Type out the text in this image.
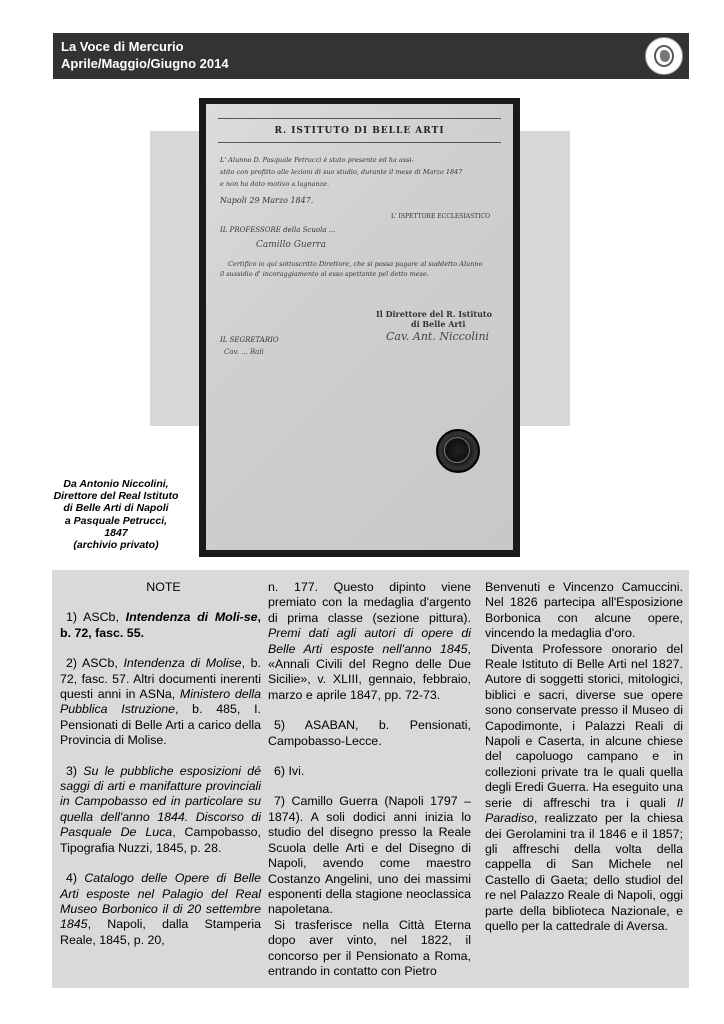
La Voce di Mercurio
Aprile/Maggio/Giugno 2014
R. ISTITUTO DI BELLE ARTI
L' Alunno D. Pasquale Petrucci è stato presente ed ha assi-
stito con profitto alle lezioni di suo studio, durante il mese di Marzo 1847
e non ha dato motivo a lagnanze.
Napoli 29 Marzo 1847.
L' ISPETTORE ECCLESIASTICO
IL PROFESSORE della Scuola ...
Camillo Guerra
Certifico io qui sottoscritto Direttore, che si possa pagare al suddetto Alunno
il sussidio d' incoraggiamento al esso spettante pel detto mese.
Il Direttore del R. Istituto
di Belle Arti
Cav. Ant. Niccolini
IL SEGRETARIO
Cav. ... Bali
Da Antonio Niccolini,
Direttore del Real Istituto
di Belle Arti di Napoli
a Pasquale Petrucci,
1847
(archivio privato)

NOTE

1) ASCb, Intendenza di Moli-se, b. 72, fasc. 55.

2) ASCb, Intendenza di Molise, b. 72, fasc. 57. Altri documenti inerenti questi anni in ASNa, Ministero della Pubblica Istruzione, b. 485, I. Pensionati di Belle Arti a carico della Provincia di Molise.

3) Su le pubbliche esposizioni dé saggi di arti e manifatture provinciali in Campobasso ed in particolare su quella dell'anno 1844. Discorso di Pasquale De Luca, Campobasso, Tipografia Nuzzi, 1845, p. 28.

4) Catalogo delle Opere di Belle Arti esposte nel Palagio del Real Museo Borbonico il di 20 settembre 1845, Napoli, dalla Stamperia Reale, 1845, p. 20,

n. 177. Questo dipinto viene premiato con la medaglia d'argento di prima classe (sezione pittura). Premi dati agli autori di opere di Belle Arti esposte nell'anno 1845, «Annali Civili del Regno delle Due Sicilie», v. XLIII, gennaio, febbraio, marzo e aprile 1847, pp. 72-73.

5) ASABAN, b. Pensionati, Campobasso-Lecce.

6) Ivi.

7) Camillo Guerra (Napoli 1797 – 1874). A soli dodici anni inizia lo studio del disegno presso la Reale Scuola delle Arti e del Disegno di Napoli, avendo come maestro Costanzo Angelini, uno dei massimi esponenti della stagione neoclassica napoletana.

Si trasferisce nella Città Eterna dopo aver vinto, nel 1822, il concorso per il Pensionato a Roma, entrando in contatto con Pietro

Benvenuti e Vincenzo Camuccini. Nel 1826 partecipa all'Esposizione Borbonica con alcune opere, vincendo la medaglia d'oro.

Diventa Professore onorario del Reale Istituto di Belle Arti nel 1827. Autore di soggetti storici, mitologici, biblici e sacri, diverse sue opere sono conservate presso il Museo di Capodimonte, i Palazzi Reali di Napoli e Caserta, in alcune chiese del capoluogo campano e in collezioni private tra le quali quella degli Eredi Guerra. Ha eseguito una serie di affreschi tra i quali Il Paradiso, realizzato per la chiesa dei Gerolamini tra il 1846 e il 1857; gli affreschi della volta della cappella di San Michele nel Castello di Gaeta; dello studiol del re nel Palazzo Reale di Napoli, oggi parte della biblioteca Nazionale, e quello per la cattedrale di Aversa.
